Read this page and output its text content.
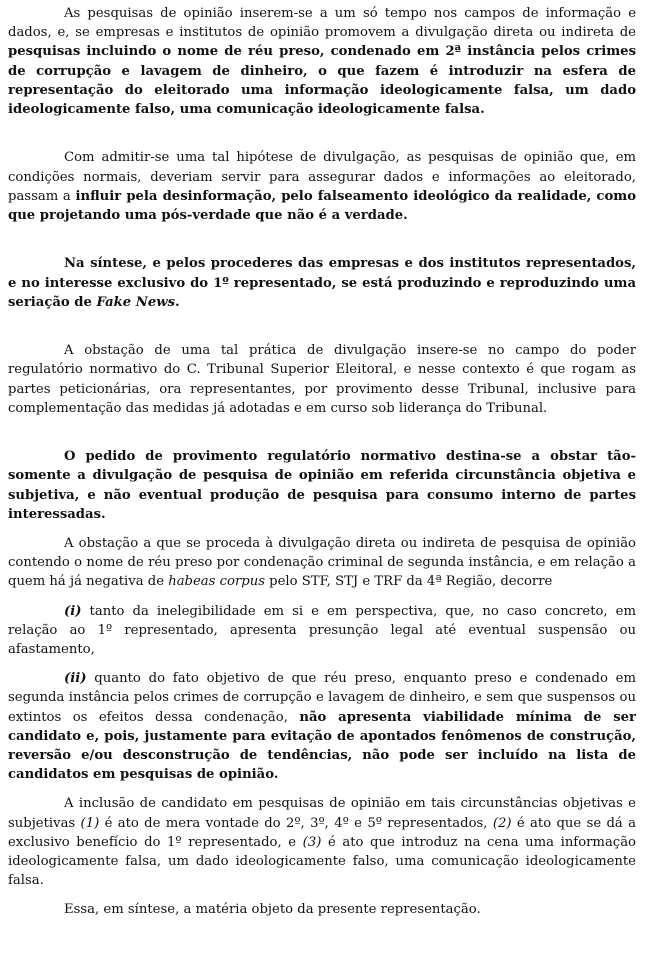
As pesquisas de opinião inserem-se a um só tempo nos campos de informação e dados, e, se empresas e institutos de opinião promovem a divulgação direta ou indireta de pesquisas incluindo o nome de réu preso, condenado em 2ª instância pelos crimes de corrupção e lavagem de dinheiro, o que fazem é introduzir na esfera de representação do eleitorado uma informação ideologicamente falsa, um dado ideologicamente falso, uma comunicação ideologicamente falsa.

Com admitir-se uma tal hipótese de divulgação, as pesquisas de opinião que, em condições normais, deveriam servir para assegurar dados e informações ao eleitorado, passam a influir pela desinformação, pelo falseamento ideológico da realidade, como que projetando uma pós-verdade que não é a verdade.

Na síntese, e pelos procederes das empresas e dos institutos representados, e no interesse exclusivo do 1º representado, se está produzindo e reproduzindo uma seriação de Fake News.

A obstação de uma tal prática de divulgação insere-se no campo do poder regulatório normativo do C. Tribunal Superior Eleitoral, e nesse contexto é que rogam as partes peticionárias, ora representantes, por provimento desse Tribunal, inclusive para complementação das medidas já adotadas e em curso sob liderança do Tribunal.

O pedido de provimento regulatório normativo destina-se a obstar tão-somente a divulgação de pesquisa de opinião em referida circunstância objetiva e subjetiva, e não eventual produção de pesquisa para consumo interno de partes interessadas.

A obstação a que se proceda à divulgação direta ou indireta de pesquisa de opinião contendo o nome de réu preso por condenação criminal de segunda instância, e em relação a quem há já negativa de habeas corpus pelo STF, STJ e TRF da 4ª Região, decorre

(i) tanto da inelegibilidade em si e em perspectiva, que, no caso concreto, em relação ao 1º representado, apresenta presunção legal até eventual suspensão ou afastamento,

(ii) quanto do fato objetivo de que réu preso, enquanto preso e condenado em segunda instância pelos crimes de corrupção e lavagem de dinheiro, e sem que suspensos ou extintos os efeitos dessa condenação, não apresenta viabilidade mínima de ser candidato e, pois, justamente para evitação de apontados fenômenos de construção, reversão e/ou desconstrução de tendências, não pode ser incluído na lista de candidatos em pesquisas de opinião.

A inclusão de candidato em pesquisas de opinião em tais circunstâncias objetivas e subjetivas (1) é ato de mera vontade do 2º, 3º, 4º e 5º representados, (2) é ato que se dá a exclusivo benefício do 1º representado, e (3) é ato que introduz na cena uma informação ideologicamente falsa, um dado ideologicamente falso, uma comunicação ideologicamente falsa.

Essa, em síntese, a matéria objeto da presente representação.
